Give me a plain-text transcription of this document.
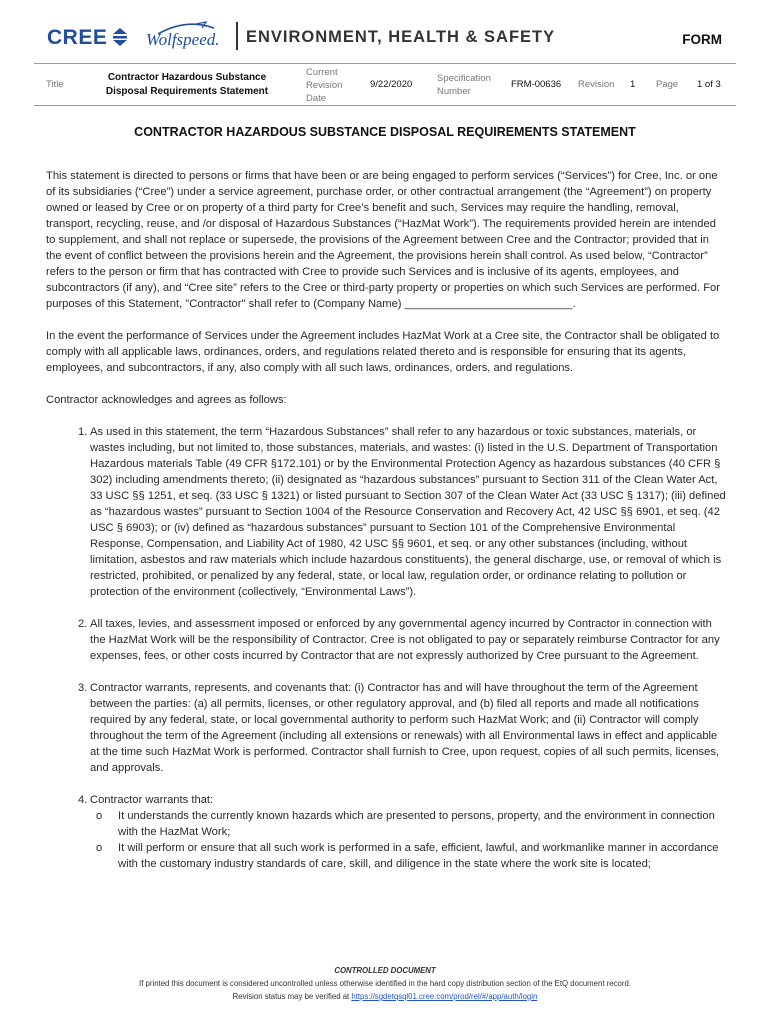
CREE Wolfspeed. ENVIRONMENT, HEALTH & SAFETY	FORM
Title
Contractor Hazardous Substance
Disposal Requirements Statement
Current
Revision
Date
9/22/2020
Specification
Number
FRM-00636 Revision 1 Page 1 of 3
CONTRACTOR HAZARDOUS SUBSTANCE DISPOSAL REQUIREMENTS STATEMENT

This statement is directed to persons or firms that have been or are being engaged to perform services (“Services”) for Cree, Inc. or one of its subsidiaries (“Cree”) under a service agreement, purchase order, or other contractual arrangement (the “Agreement”) on property owned or leased by Cree or on property of a third party for Cree’s benefit and such, Services may require the handling, removal, transport, recycling, reuse, and /or disposal of Hazardous Substances (“HazMat Work”). The requirements provided herein are intended to supplement, and shall not replace or supersede, the provisions of the Agreement between Cree and the Contractor; provided that in the event of conflict between the provisions herein and the Agreement, the provisions herein shall control. As used below, “Contractor” refers to the person or firm that has contracted with Cree to provide such Services and is inclusive of its agents, employees, and subcontractors (if any), and “Cree site” refers to the Cree or third-party property or properties on which such Services are performed. For purposes of this Statement, "Contractor" shall refer to (Company Name) ___________________________.

In the event the performance of Services under the Agreement includes HazMat Work at a Cree site, the Contractor shall be obligated to comply with all applicable laws, ordinances, orders, and regulations related thereto and is responsible for ensuring that its agents, employees, and subcontractors, if any, also comply with all such laws, ordinances, orders, and regulations.

Contractor acknowledges and agrees as follows:

1. As used in this statement, the term “Hazardous Substances” shall refer to any hazardous or toxic substances, materials, or wastes including, but not limited to, those substances, materials, and wastes: (i) listed in the U.S. Department of Transportation Hazardous materials Table (49 CFR §172.101) or by the Environmental Protection Agency as hazardous substances (40 CFR § 302) including amendments thereto; (ii) designated as “hazardous substances” pursuant to Section 311 of the Clean Water Act, 33 USC §§ 1251, et seq. (33 USC § 1321) or listed pursuant to Section 307 of the Clean Water Act (33 USC § 1317); (iii) defined as “hazardous wastes” pursuant to Section 1004 of the Resource Conservation and Recovery Act, 42 USC §§ 6901, et seq. (42 USC § 6903); or (iv) defined as “hazardous substances” pursuant to Section 101 of the Comprehensive Environmental Response, Compensation, and Liability Act of 1980, 42 USC §§ 9601, et seq. or any other substances (including, without limitation, asbestos and raw materials which include hazardous constituents), the general discharge, use, or removal of which is restricted, prohibited, or penalized by any federal, state, or local law, regulation order, or ordinance relating to pollution or protection of the environment (collectively, “Environmental Laws”).
2. All taxes, levies, and assessment imposed or enforced by any governmental agency incurred by Contractor in connection with the HazMat Work will be the responsibility of Contractor. Cree is not obligated to pay or separately reimburse Contractor for any expenses, fees, or other costs incurred by Contractor that are not expressly authorized by Cree pursuant to the Agreement.
3. Contractor warrants, represents, and covenants that: (i) Contractor has and will have throughout the term of the Agreement between the parties: (a) all permits, licenses, or other regulatory approval, and (b) filed all reports and made all notifications required by any federal, state, or local governmental authority to perform such HazMat Work; and (ii) Contractor will comply throughout the term of the Agreement (including all extensions or renewals) with all Environmental laws in effect and applicable at the time such HazMat Work is performed. Contractor shall furnish to Cree, upon request, copies of all such permits, licenses, and approvals.
4. Contractor warrants that:
o It understands the currently known hazards which are presented to persons, property, and the environment in connection with the HazMat Work;
o It will perform or ensure that all such work is performed in a safe, efficient, lawful, and workmanlike manner in accordance with the customary industry standards of care, skill, and diligence in the state where the work site is located;
CONTROLLED DOCUMENT
If printed this document is considered uncontrolled unless otherwise identified in the hard copy distribution section of the EtQ document record.
Revision status may be verified at https://sgdetqsql01.cree.com/prod/rel/#/app/auth/login
